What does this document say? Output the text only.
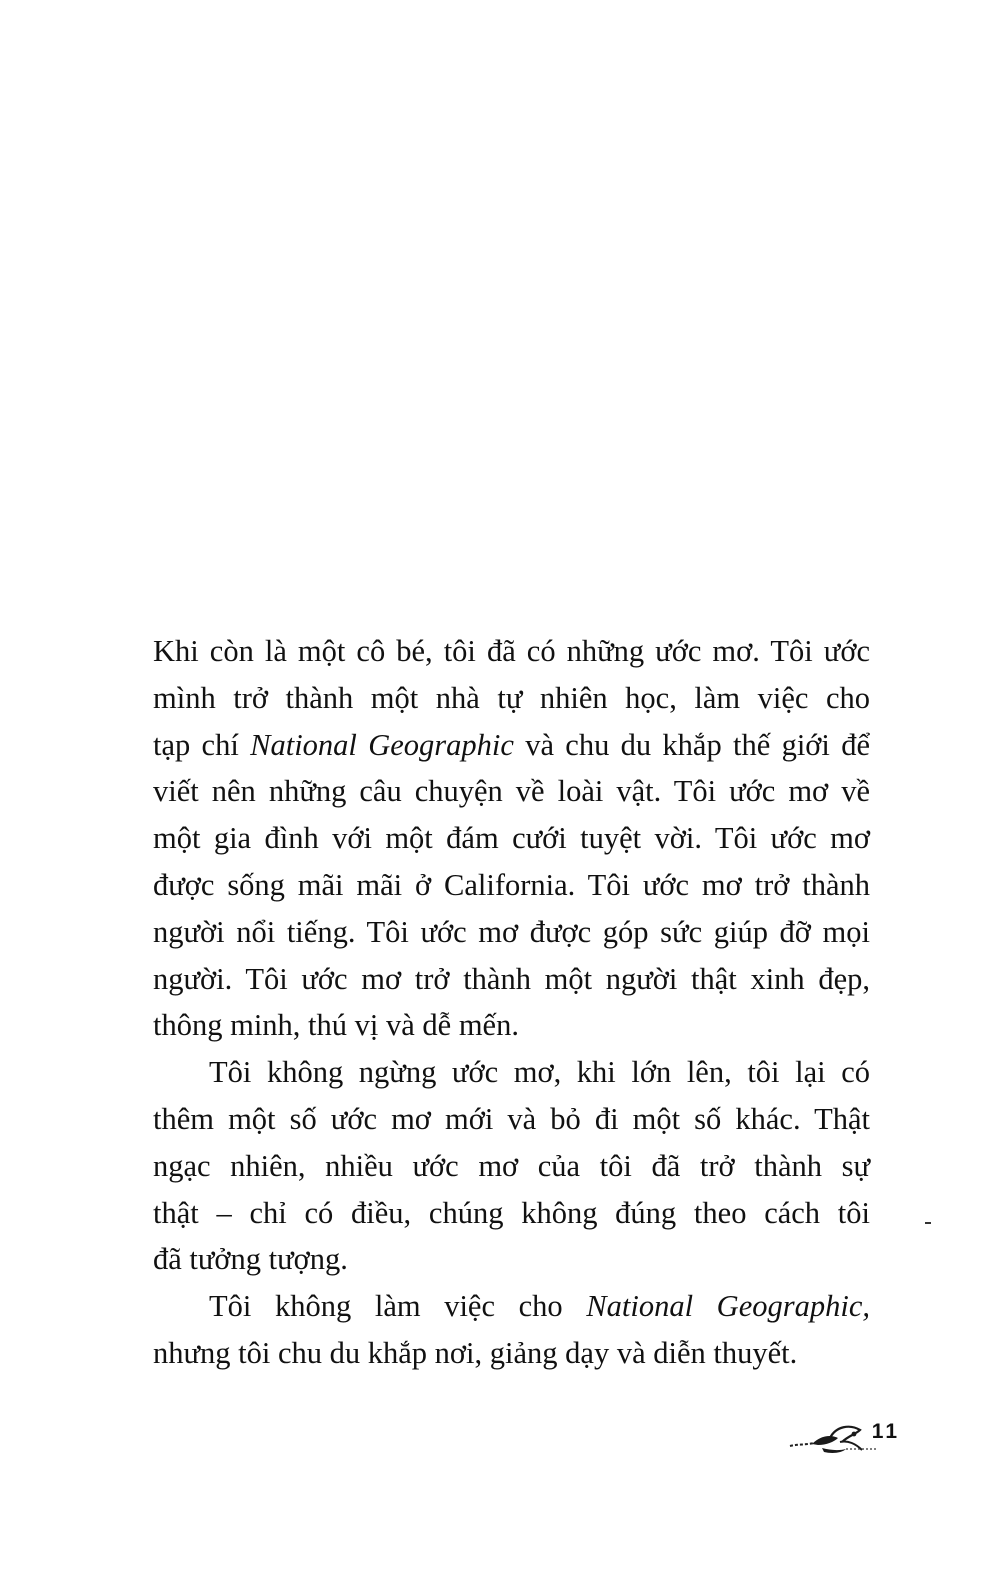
Khi còn là một cô bé, tôi đã có những ước mơ. Tôi ước
mình trở thành một nhà tự nhiên học, làm việc cho
tạp chí National Geographic và chu du khắp thế giới để
viết nên những câu chuyện về loài vật. Tôi ước mơ về
một gia đình với một đám cưới tuyệt vời. Tôi ước mơ
được sống mãi mãi ở California. Tôi ước mơ trở thành
người nổi tiếng. Tôi ước mơ được góp sức giúp đỡ mọi
người. Tôi ước mơ trở thành một người thật xinh đẹp,
thông minh, thú vị và dễ mến.
Tôi không ngừng ước mơ, khi lớn lên, tôi lại có
thêm một số ước mơ mới và bỏ đi một số khác. Thật
ngạc nhiên, nhiều ước mơ của tôi đã trở thành sự
thật – chỉ có điều, chúng không đúng theo cách tôi
đã tưởng tượng.
Tôi không làm việc cho National Geographic,
nhưng tôi chu du khắp nơi, giảng dạy và diễn thuyết.
11
